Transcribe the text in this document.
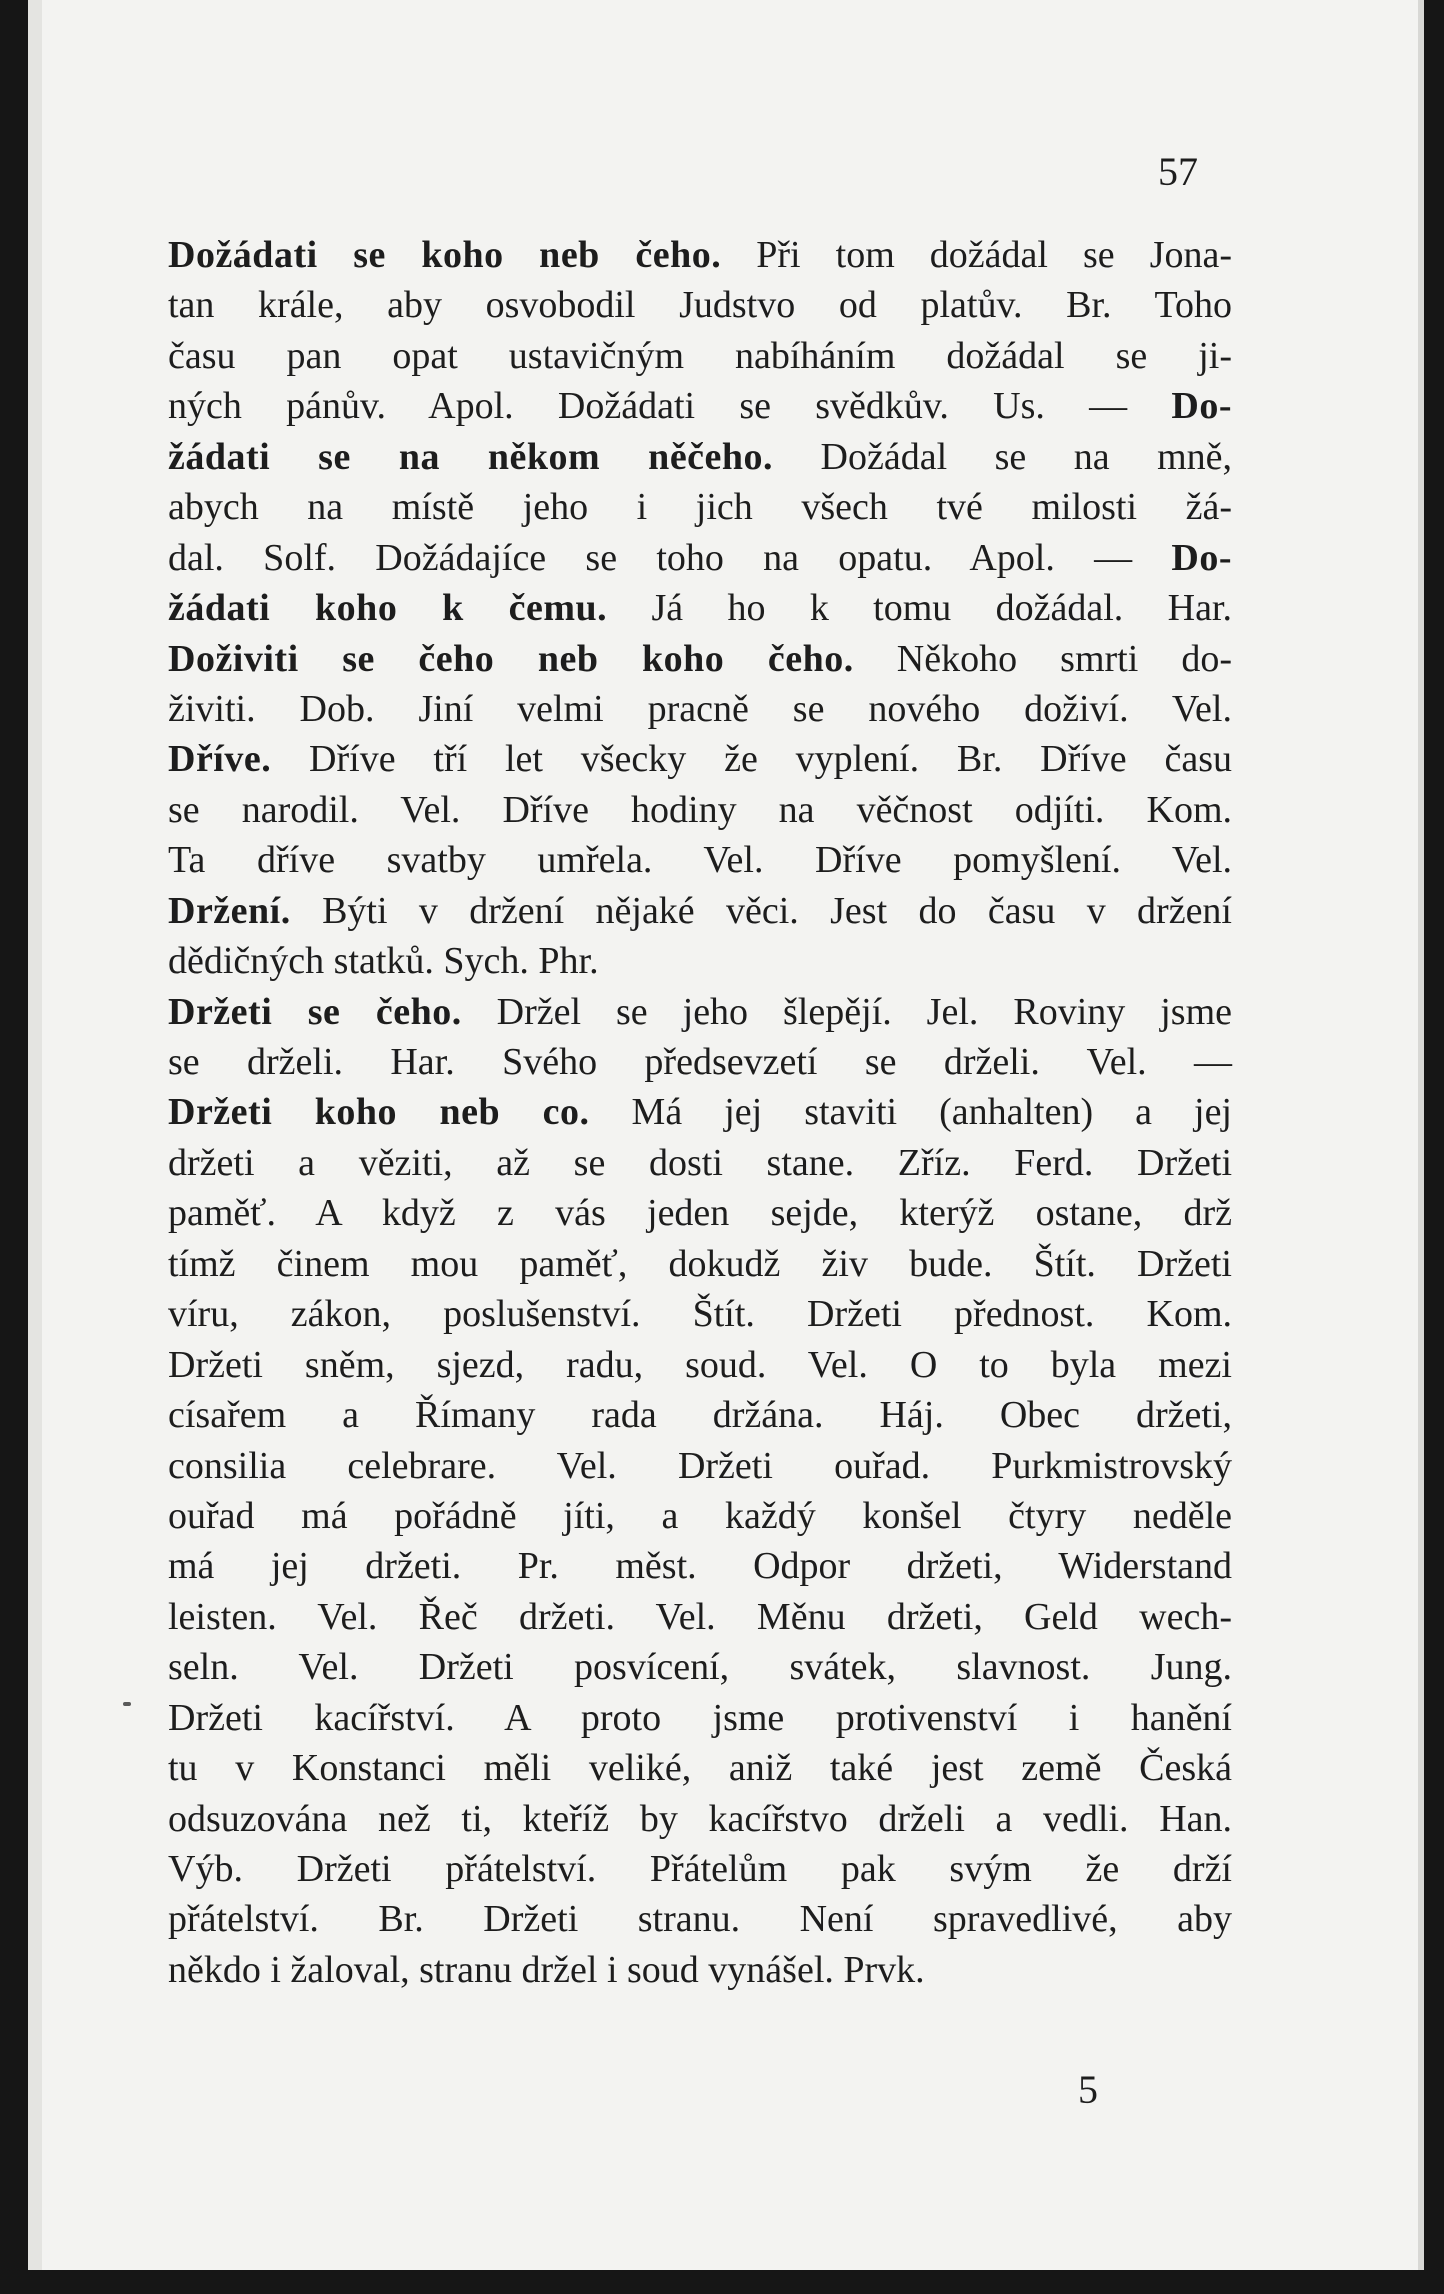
57
Dožádati se koho neb čeho. Při tom dožádal se Jona-
tan krále, aby osvobodil Judstvo od platův. Br. Toho
času pan opat ustavičným nabíháním dožádal se ji-
ných pánův. Apol. Dožádati se svědkův. Us. — Do-
žádati se na někom něčeho. Dožádal se na mně,
abych na místě jeho i jich všech tvé milosti žá-
dal. Solf. Dožádajíce se toho na opatu. Apol. — Do-
žádati koho k čemu. Já ho k tomu dožádal. Har.
Doživiti se čeho neb koho čeho. Někoho smrti do-
živiti. Dob. Jiní velmi pracně se nového doživí. Vel.
Dříve. Dříve tří let všecky že vyplení. Br. Dříve času
se narodil. Vel. Dříve hodiny na věčnost odjíti. Kom.
Ta dříve svatby umřela. Vel. Dříve pomyšlení. Vel.
Držení. Býti v držení nějaké věci. Jest do času v držení
dědičných statků. Sych. Phr.
Držeti se čeho. Držel se jeho šlepějí. Jel. Roviny jsme
se drželi. Har. Svého předsevzetí se drželi. Vel. —
Držeti koho neb co. Má jej staviti (anhalten) a jej
držeti a věziti, až se dosti stane. Zříz. Ferd. Držeti
paměť. A když z vás jeden sejde, kterýž ostane, drž
tímž činem mou paměť, dokudž živ bude. Štít. Držeti
víru, zákon, poslušenství. Štít. Držeti přednost. Kom.
Držeti sněm, sjezd, radu, soud. Vel. O to byla mezi
císařem a Římany rada držána. Háj. Obec držeti,
consilia celebrare. Vel. Držeti ouřad. Purkmistrovský
ouřad má pořádně jíti, a každý konšel čtyry neděle
má jej držeti. Pr. měst. Odpor držeti, Widerstand
leisten. Vel. Řeč držeti. Vel. Měnu držeti, Geld wech-
seln. Vel. Držeti posvícení, svátek, slavnost. Jung.
Držeti kacířství. A proto jsme protivenství i hanění
tu v Konstanci měli veliké, aniž také jest země Česká
odsuzována než ti, kteříž by kacířstvo drželi a vedli. Han.
Výb. Držeti přátelství. Přátelům pak svým že drží
přátelství. Br. Držeti stranu. Není spravedlivé, aby
někdo i žaloval, stranu držel i soud vynášel. Prvk.
5
